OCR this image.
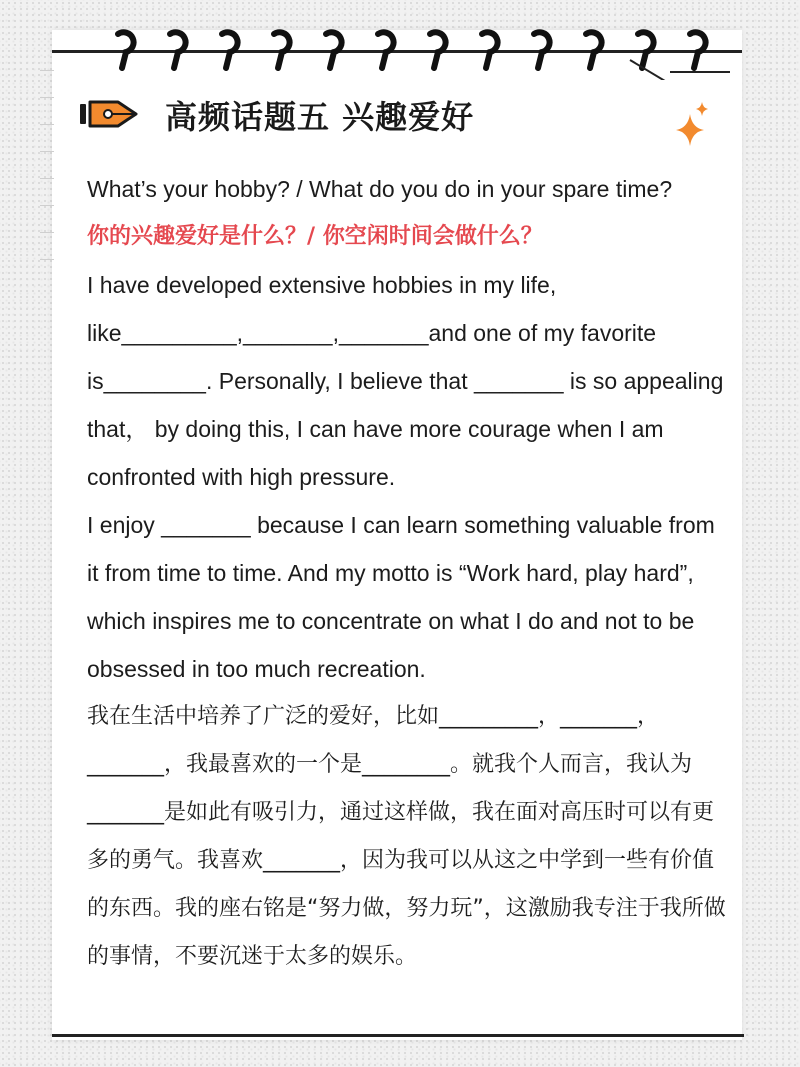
高频话题五 兴趣爱好

What’s your hobby? / What do you do in your spare time?

你的兴趣爱好是什么？/ 你空闲时间会做什么？

I have developed extensive hobbies in my life, like_________,_______,_______and one of my favorite is________. Personally, I believe that _______ is so appealing that， by doing this, I can have more courage when I am confronted with high pressure.

I enjoy _______ because I can learn something valuable from it from time to time. And my motto is “Work hard, play hard”, which inspires me to concentrate on what I do and not to be obsessed in too much recreation.

我在生活中培养了广泛的爱好，比如_________，_______，_______，我最喜欢的一个是________。就我个人而言，我认为_______是如此有吸引力，通过这样做，我在面对高压时可以有更多的勇气。我喜欢_______，因为我可以从这之中学到一些有价值的东西。我的座右铭是“努力做，努力玩”，这激励我专注于我所做的事情，不要沉迷于太多的娱乐。
